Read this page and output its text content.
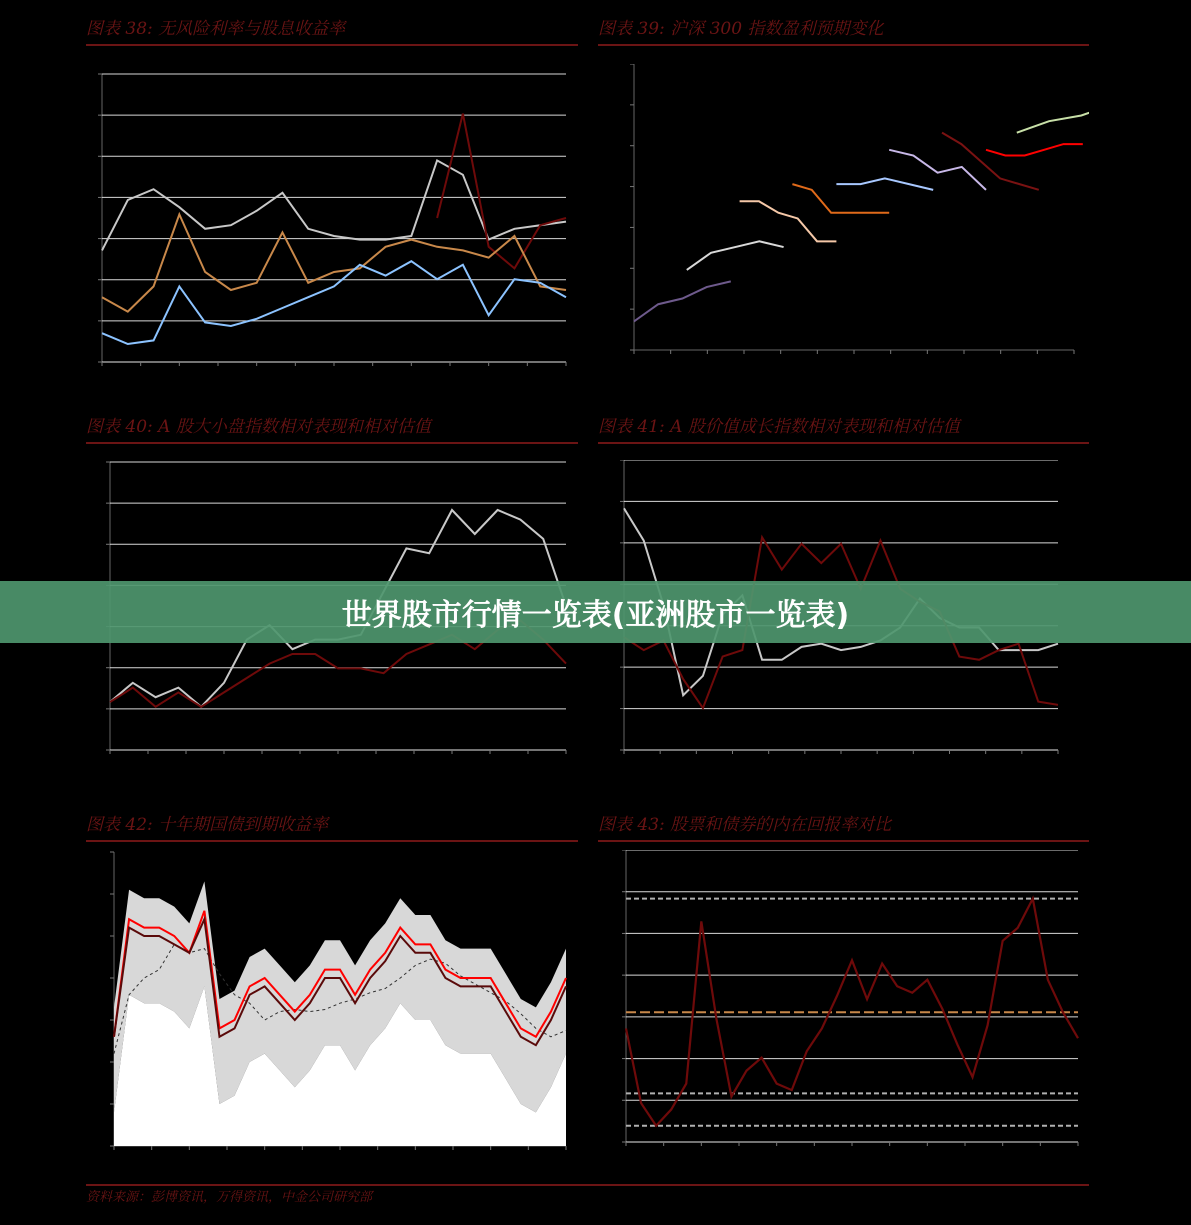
图表 38: 无风险利率与股息收益率	图表 39: 沪深 300 指数盈利预期变化
图表 40: A 股大小盘指数相对表现和相对估值	图表 41: A 股价值成长指数相对表现和相对估值
图表 42: 十年期国债到期收益率	图表 43: 股票和债券的内在回报率对比
世界股市行情一览表(亚洲股市一览表)
资料来源：彭博资讯，万得资讯，中金公司研究部
